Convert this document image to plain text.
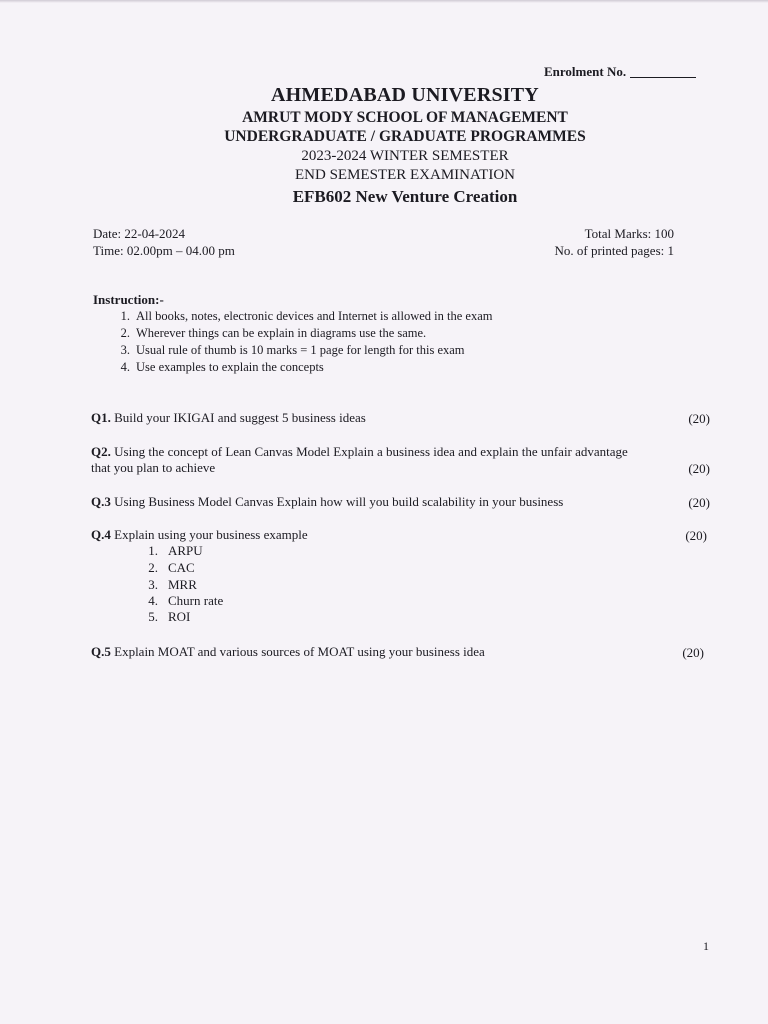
Enrolment No.
AHMEDABAD UNIVERSITY
AMRUT MODY SCHOOL OF MANAGEMENT
UNDERGRADUATE / GRADUATE PROGRAMMES
2023-2024 WINTER SEMESTER
END SEMESTER EXAMINATION
EFB602 New Venture Creation
Date: 22-04-2024
Time: 02.00pm – 04.00 pm
Total Marks: 100
No. of printed pages: 1
Instruction:-
1. All books, notes, electronic devices and Internet is allowed in the exam
2. Wherever things can be explain in diagrams use the same.
3. Usual rule of thumb is 10 marks = 1 page for length for this exam
4. Use examples to explain the concepts
Q1. Build your IKIGAI and suggest 5 business ideas	(20)
Q2. Using the concept of Lean Canvas Model Explain a business idea and explain the unfair advantage
that you plan to achieve	(20)
Q.3 Using Business Model Canvas Explain how will you build scalability in your business	(20)
Q.4 Explain using your business example	(20)
1. ARPU
2. CAC
3. MRR
4. Churn rate
5. ROI
Q.5 Explain MOAT and various sources of MOAT using your business idea	(20)
1
